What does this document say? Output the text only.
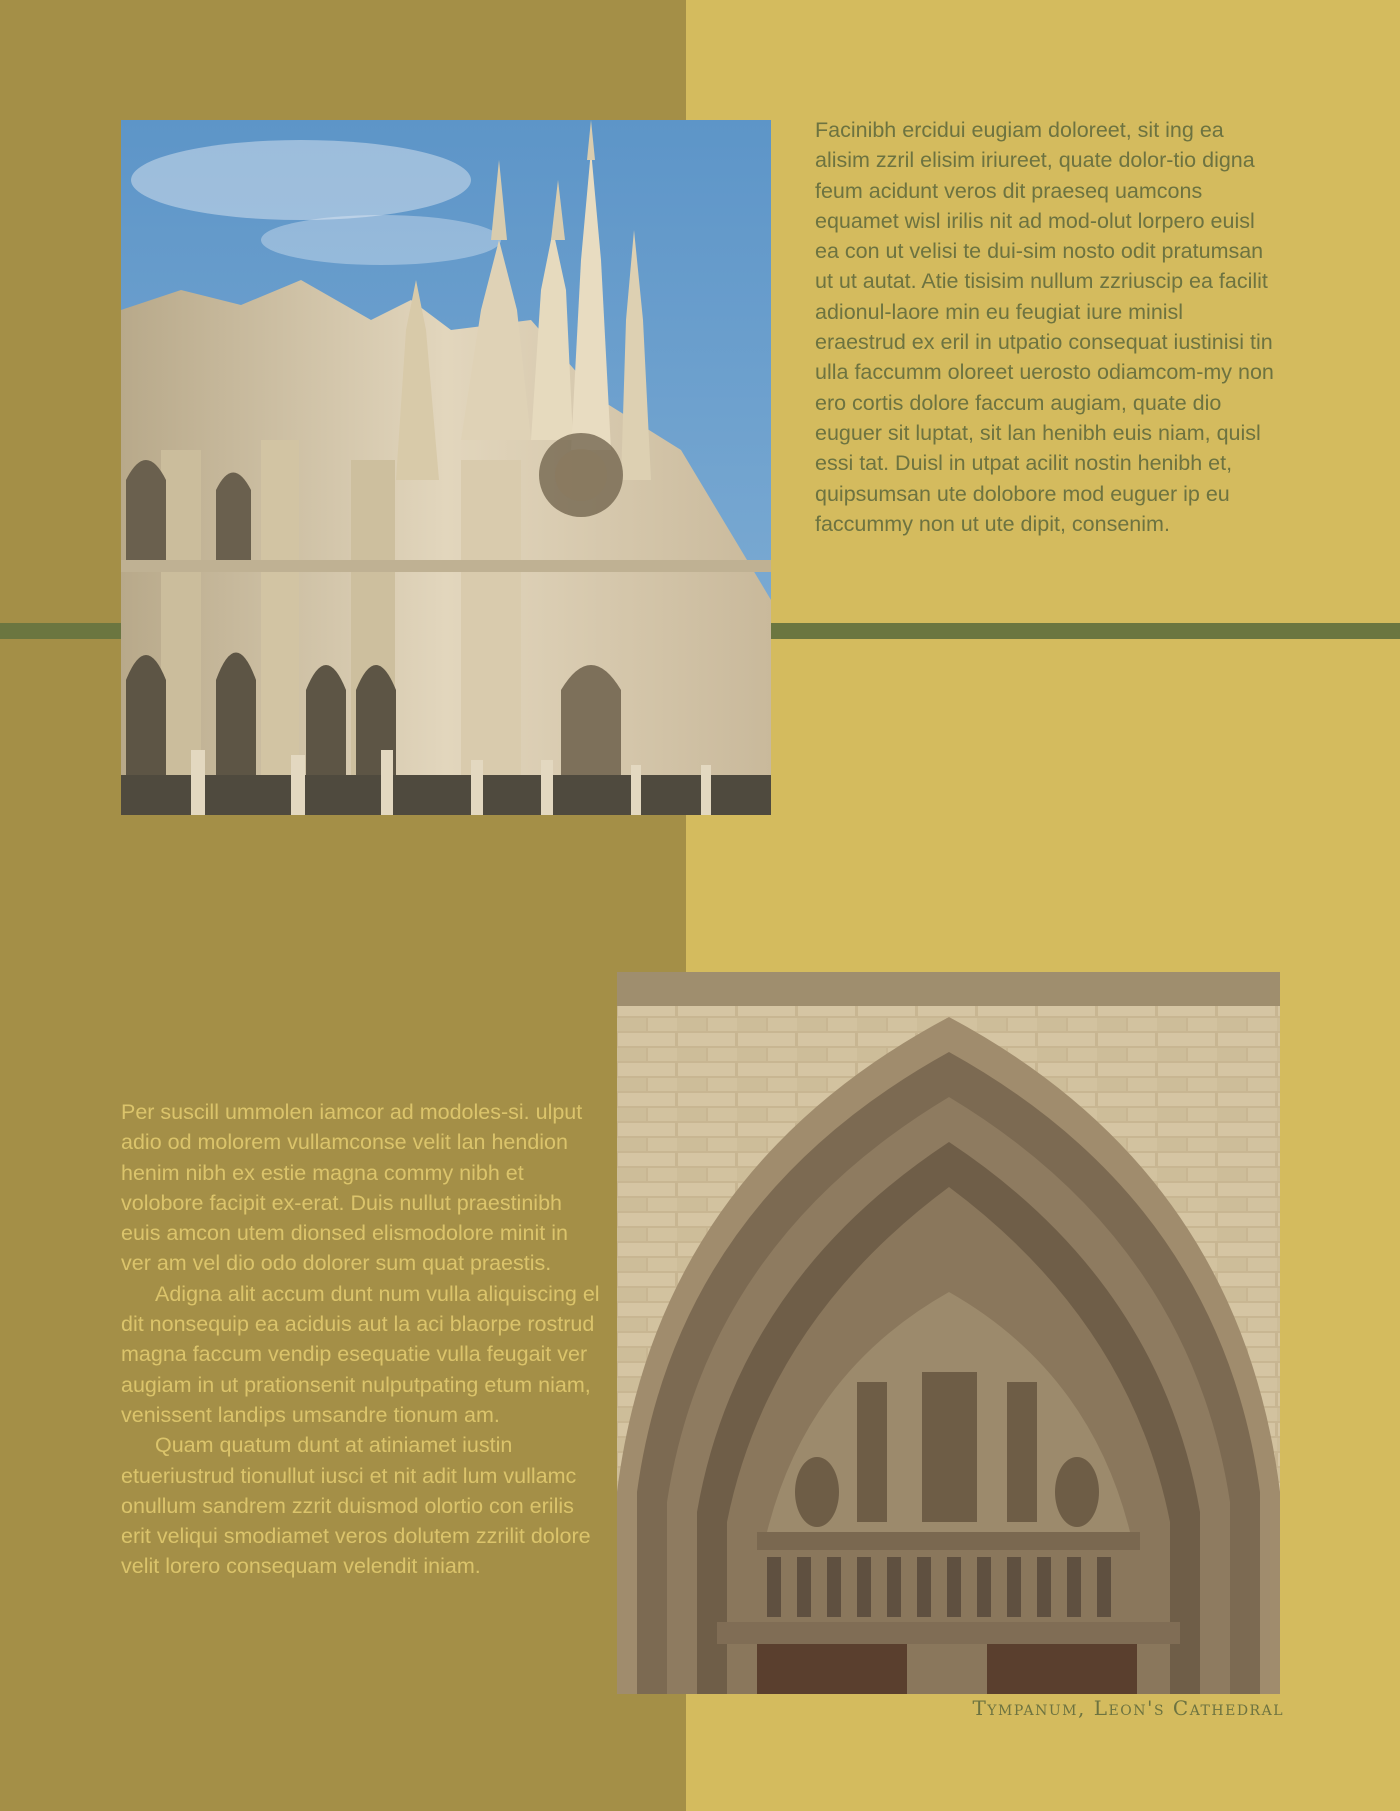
Facinibh ercidui eugiam doloreet, sit ing ea alisim zzril elisim iriureet, quate dolor-tio digna feum acidunt veros dit praeseq uamcons equamet wisl irilis nit ad mod-olut lorpero euisl ea con ut velisi te dui-sim nosto odit pratumsan ut ut autat. Atie tisisim nullum zzriuscip ea facilit adionul-laore min eu feugiat iure minisl eraestrud ex eril in utpatio consequat iustinisi tin ulla faccumm oloreet uerosto odiamcom-my non ero cortis dolore faccum augiam, quate dio euguer sit luptat, sit lan henibh euis niam, quisl essi tat. Duisl in utpat acilit nostin henibh et, quipsumsan ute dolobore mod euguer ip eu faccummy non ut ute dipit, consenim.

Per suscill ummolen iamcor ad modoles-si. ulput adio od molorem vullamconse velit lan hendion henim nibh ex estie magna commy nibh et volobore facipit ex-erat. Duis nullut praestinibh euis amcon utem dionsed elismodolore minit in ver am vel dio odo dolorer sum quat praestis.

Adigna alit accum dunt num vulla aliquiscing el dit nonsequip ea aciduis aut la aci blaorpe rostrud magna faccum vendip esequatie vulla feugait ver augiam in ut prationsenit nulputpating etum niam, venissent landips umsandre tionum am.

Quam quatum dunt at atiniamet iustin etueriustrud tionullut iusci et nit adit lum vullamc onullum sandrem zzrit duismod olortio con erilis erit veliqui smodiamet veros dolutem zzrilit dolore velit lorero consequam velendit iniam.

Tympanum, Leon's Cathedral
